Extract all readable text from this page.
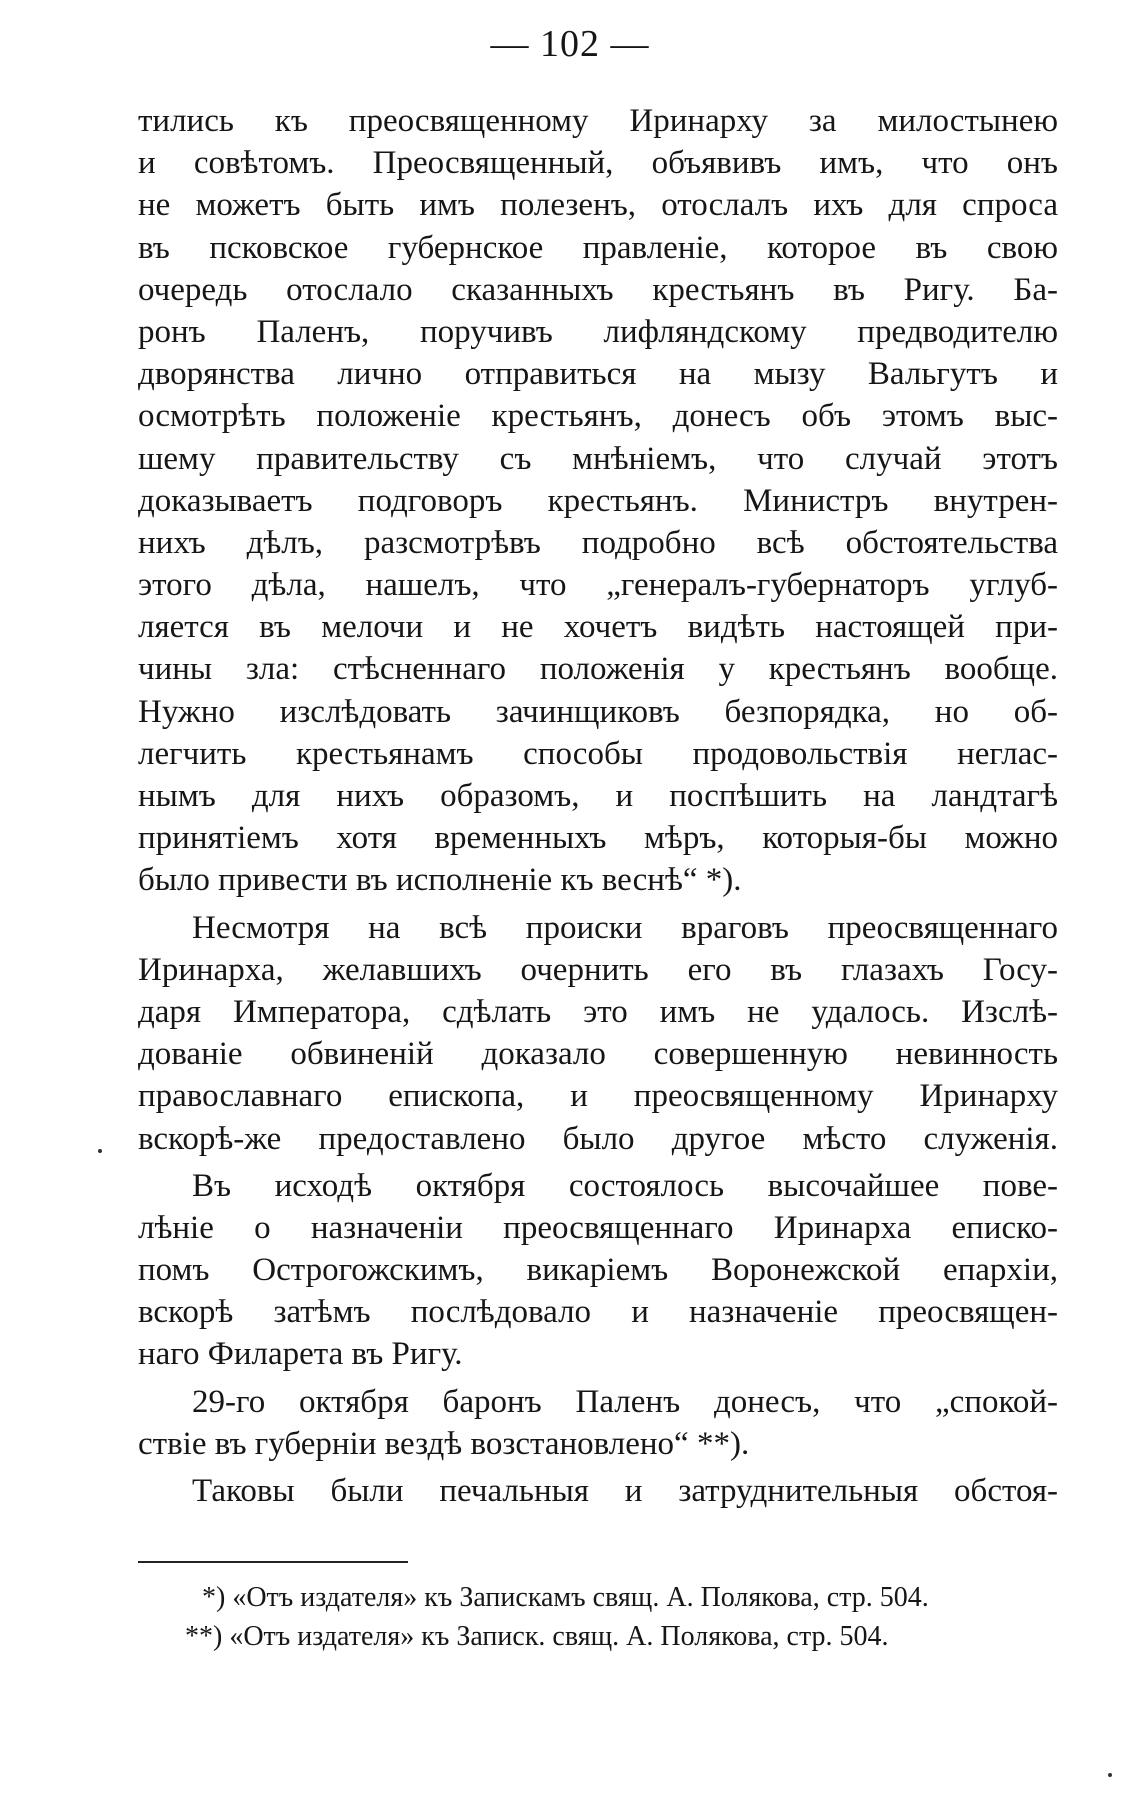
— 102 —
тились къ преосвященному Иринарху за милостынею
и совѣтомъ. Преосвященный, объявивъ имъ, что онъ
не можетъ быть имъ полезенъ, отослалъ ихъ для спроса
въ псковское губернское правленіе, которое въ свою
очередь отослало сказанныхъ крестьянъ въ Ригу. Ба-
ронъ Паленъ, поручивъ лифляндскому предводителю
дворянства лично отправиться на мызу Вальгутъ и
осмотрѣть положеніе крестьянъ, донесъ объ этомъ выс-
шему правительству съ мнѣніемъ, что случай этотъ
доказываетъ подговоръ крестьянъ. Министръ внутрен-
нихъ дѣлъ, разсмотрѣвъ подробно всѣ обстоятельства
этого дѣла, нашелъ, что „генералъ-губернаторъ углуб-
ляется въ мелочи и не хочетъ видѣть настоящей при-
чины зла: стѣсненнаго положенія у крестьянъ вообще.
Нужно изслѣдовать зачинщиковъ безпорядка, но об-
легчить крестьянамъ способы продовольствія неглас-
нымъ для нихъ образомъ, и поспѣшить на ландтагѣ
принятіемъ хотя временныхъ мѣръ, которыя-бы можно
было привести въ исполненіе къ веснѣ“ *).
Несмотря на всѣ происки враговъ преосвященнаго
Иринарха, желавшихъ очернить его въ глазахъ Госу-
даря Императора, сдѣлать это имъ не удалось. Изслѣ-
дованіе обвиненій доказало совершенную невинность
православнаго епископа, и преосвященному Иринарху
вскорѣ-же предоставлено было другое мѣсто служенія.
Въ исходѣ октября состоялось высочайшее пове-
лѣніе о назначеніи преосвященнаго Иринарха еписко-
помъ Острогожскимъ, викаріемъ Воронежской епархіи,
вскорѣ затѣмъ послѣдовало и назначеніе преосвящен-
наго Филарета въ Ригу.
29-го октября баронъ Паленъ донесъ, что „спокой-
ствіе въ губерніи вездѣ возстановлено“ **).
Таковы были печальныя и затруднительныя обстоя-
*) «Отъ издателя» къ Запискамъ свящ. А. Полякова, стр. 504.
**) «Отъ издателя» къ Записк. свящ. А. Полякова, стр. 504.
